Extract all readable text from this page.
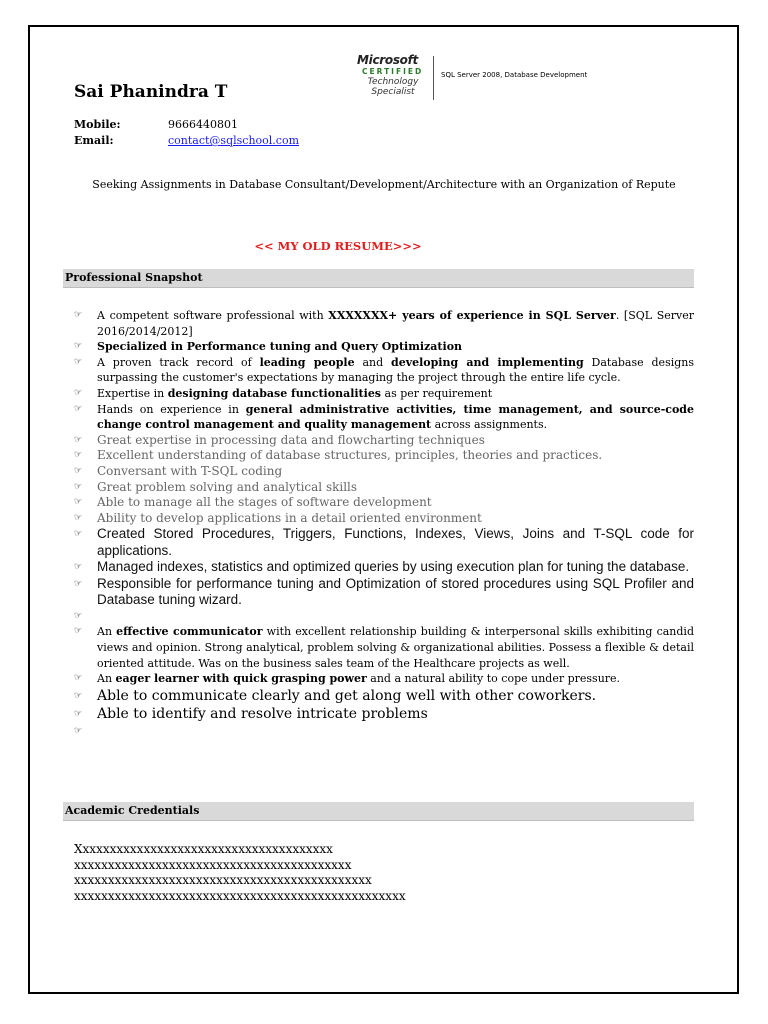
Microsoft
CERTIFIED
Technology
Specialist
SQL Server 2008, Database Development
Sai Phanindra T
Mobile:	9666440801
Email:	contact@sqlschool.com
Seeking Assignments in Database Consultant/Development/Architecture with an Organization of Repute
<< MY OLD RESUME>>>
Professional Snapshot
☞ A competent software professional with XXXXXXX+ years of experience in SQL Server. [SQL Server 2016/2014/2012]
☞ Specialized in Performance tuning and Query Optimization
☞ A proven track record of leading people and developing and implementing Database designs surpassing the customer's expectations by managing the project through the entire life cycle.
☞ Expertise in designing database functionalities as per requirement
☞ Hands on experience in general administrative activities, time management, and source-code change control management and quality management across assignments.
☞ Great expertise in processing data and flowcharting techniques
☞ Excellent understanding of database structures, principles, theories and practices.
☞ Conversant with T-SQL coding
☞ Great problem solving and analytical skills
☞ Able to manage all the stages of software development
☞ Ability to develop applications in a detail oriented environment
☞ Created Stored Procedures, Triggers, Functions, Indexes, Views, Joins and T-SQL code for applications.
☞ Managed indexes, statistics and optimized queries by using execution plan for tuning the database.
☞ Responsible for performance tuning and Optimization of stored procedures using SQL Profiler and Database tuning wizard.
☞

☞ An effective communicator with excellent relationship building & interpersonal skills exhibiting candid views and opinion. Strong analytical, problem solving & organizational abilities. Possess a flexible & detail oriented attitude. Was on the business sales team of the Healthcare projects as well.
☞ An eager learner with quick grasping power and a natural ability to cope under pressure.
☞ Able to communicate clearly and get along well with other coworkers.
☞ Able to identify and resolve intricate problems
☞

Academic Credentials
Xxxxxxxxxxxxxxxxxxxxxxxxxxxxxxxxxxxxxx
xxxxxxxxxxxxxxxxxxxxxxxxxxxxxxxxxxxxxxxxx
xxxxxxxxxxxxxxxxxxxxxxxxxxxxxxxxxxxxxxxxxxxx
xxxxxxxxxxxxxxxxxxxxxxxxxxxxxxxxxxxxxxxxxxxxxxxxx
